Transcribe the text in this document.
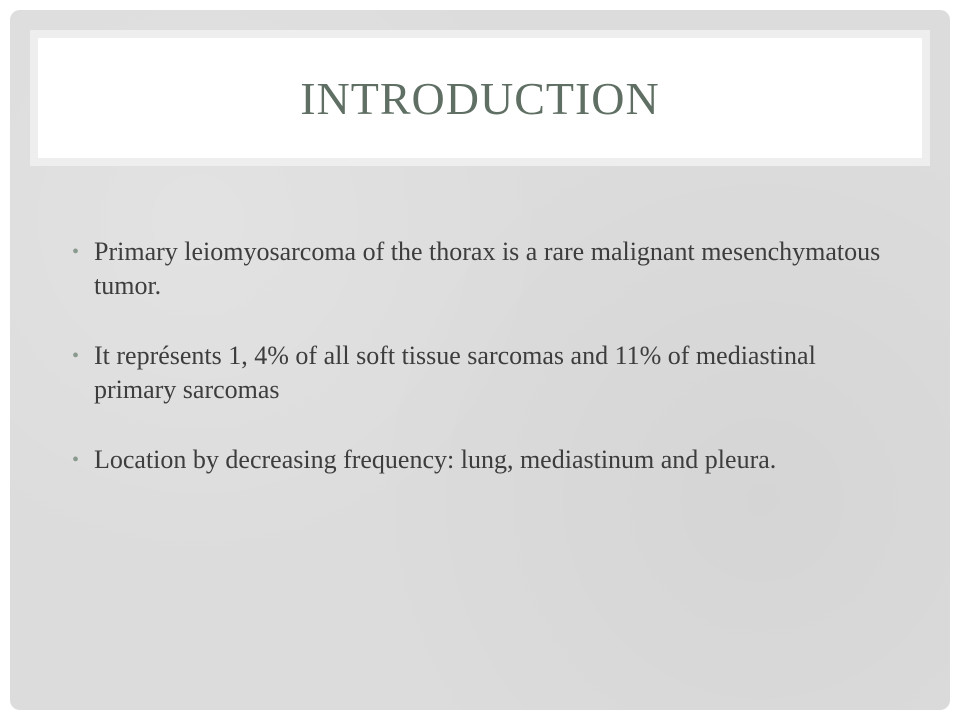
INTRODUCTION
• Primary leiomyosarcoma of the thorax is a rare malignant mesenchymatous tumor.
• It représents 1, 4% of all soft tissue sarcomas and 11% of mediastinal primary sarcomas
• Location by decreasing frequency: lung, mediastinum and pleura.
